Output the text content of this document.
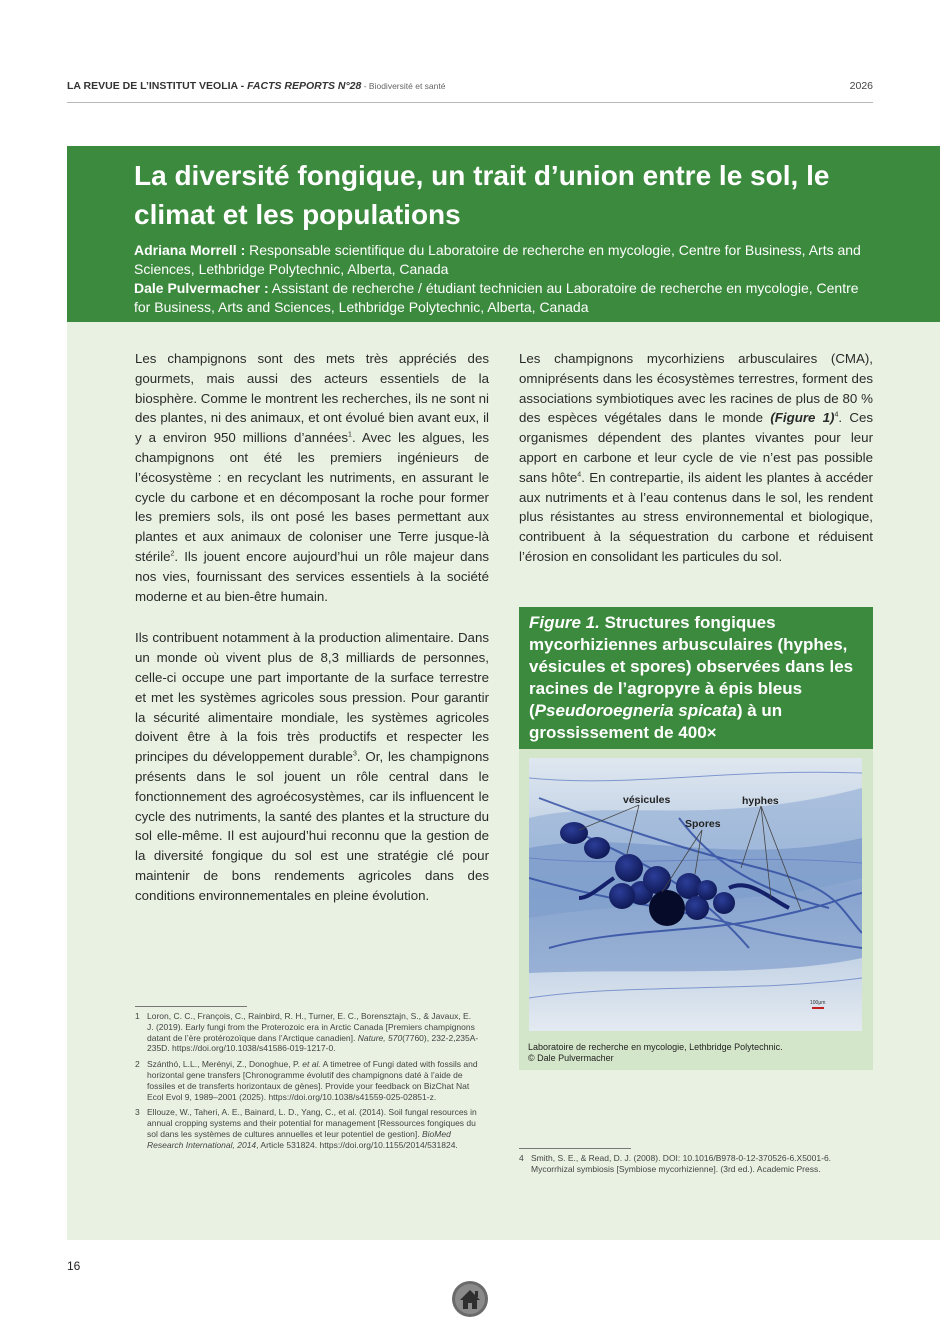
LA REVUE DE L’INSTITUT VEOLIA - FACTS REPORTS N°28 - Biodiversité et santé	2026
La diversité fongique, un trait d’union entre le sol, le climat et les populations
Adriana Morrell : Responsable scientifique du Laboratoire de recherche en mycologie, Centre for Business, Arts and Sciences, Lethbridge Polytechnic, Alberta, Canada
Dale Pulvermacher : Assistant de recherche / étudiant technicien au Laboratoire de recherche en mycologie, Centre for Business, Arts and Sciences, Lethbridge Polytechnic, Alberta, Canada

Les champignons sont des mets très appréciés des gourmets, mais aussi des acteurs essentiels de la biosphère. Comme le montrent les recherches, ils ne sont ni des plantes, ni des animaux, et ont évolué bien avant eux, il y a environ 950 millions d’années$^1$. Avec les algues, les champignons ont été les premiers ingénieurs de l’écosystème : en recyclant les nutriments, en assurant le cycle du carbone et en décomposant la roche pour former les premiers sols, ils ont posé les bases permettant aux plantes et aux animaux de coloniser une Terre jusque-là stérile$^2$. Ils jouent encore aujourd’hui un rôle majeur dans nos vies, fournissant des services essentiels à la société moderne et au bien-être humain.

Ils contribuent notamment à la production alimentaire. Dans un monde où vivent plus de 8,3 milliards de personnes, celle-ci occupe une part importante de la surface terrestre et met les systèmes agricoles sous pression. Pour garantir la sécurité alimentaire mondiale, les systèmes agricoles doivent être à la fois très productifs et respecter les principes du développement durable$^3$. Or, les champignons présents dans le sol jouent un rôle central dans le fonctionnement des agroécosystèmes, car ils influencent le cycle des nutriments, la santé des plantes et la structure du sol elle-même. Il est aujourd’hui reconnu que la gestion de la diversité fongique du sol est une stratégie clé pour maintenir de bons rendements agricoles dans des conditions environnementales en pleine évolution.

Les champignons mycorhiziens arbusculaires (CMA), omniprésents dans les écosystèmes terrestres, forment des associations symbiotiques avec les racines de plus de 80 % des espèces végétales dans le monde (Figure 1)$^4$. Ces organismes dépendent des plantes vivantes pour leur apport en carbone et leur cycle de vie n’est pas possible sans hôte$^4$. En contrepartie, ils aident les plantes à accéder aux nutriments et à l’eau contenus dans le sol, les rendent plus résistantes au stress environnemental et biologique, contribuent à la séquestration du carbone et réduisent l’érosion en consolidant les particules du sol.

Figure 1. Structures fongiques mycorhiziennes arbusculaires (hyphes, vésicules et spores) observées dans les racines de l’agropyre à épis bleus (Pseudoroegneria spicata) à un grossissement de 400×
vésicules	hyphes
Spores
100μm
Laboratoire de recherche en mycologie, Lethbridge Polytechnic.
© Dale Pulvermacher
1 Loron, C. C., François, C., Rainbird, R. H., Turner, E. C., Borensztajn, S., & Javaux, E. J. (2019). Early fungi from the Proterozoic era in Arctic Canada [Premiers champignons datant de l’ère protérozoïque dans l’Arctique canadien]. Nature, 570(7760), 232-2,235A-235D. https://doi.org/10.1038/s41586-019-1217-0.
2 Szánthó, L.L., Merényi, Z., Donoghue, P. et al. A timetree of Fungi dated with fossils and horizontal gene transfers [Chronogramme évolutif des champignons daté à l’aide de fossiles et de transferts horizontaux de gènes]. Provide your feedback on BizChat Nat Ecol Evol 9, 1989–2001 (2025). https://doi.org/10.1038/s41559-025-02851-z.
3 Ellouze, W., Taheri, A. E., Bainard, L. D., Yang, C., et al. (2014). Soil fungal resources in annual cropping systems and their potential for management [Ressources fongiques du sol dans les systèmes de cultures annuelles et leur potentiel de gestion]. BioMed Research International, 2014, Article 531824. https://doi.org/10.1155/2014/531824.
4 Smith, S. E., & Read, D. J. (2008). DOI: 10.1016/B978-0-12-370526-6.X5001-6. Mycorrhizal symbiosis [Symbiose mycorhizienne]. (3rd ed.). Academic Press.
16
